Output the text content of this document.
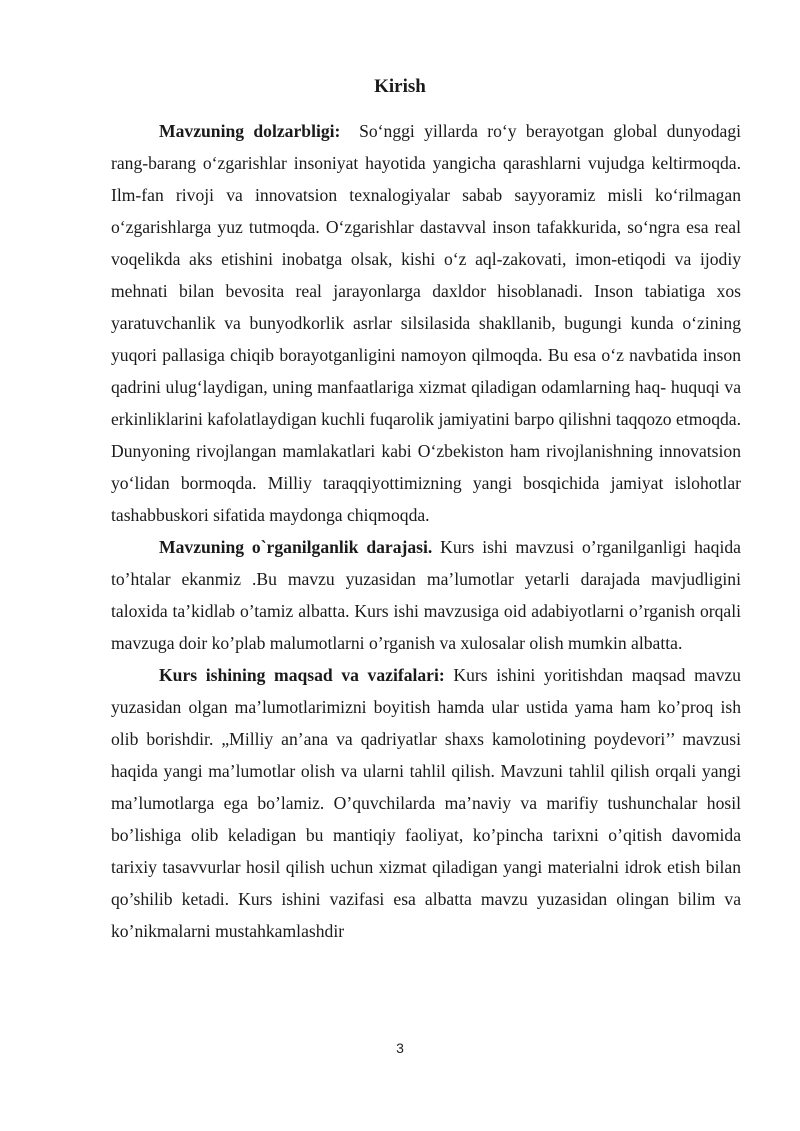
Kirish

Mavzuning dolzarbligi: So‘nggi yillarda ro‘y berayotgan global dunyodagi rang-barang o‘zgarishlar insoniyat hayotida yangicha qarashlarni vujudga keltirmoqda. Ilm-fan rivoji va innovatsion texnalogiyalar sabab sayyoramiz misli ko‘rilmagan o‘zgarishlarga yuz tutmoqda. O‘zgarishlar dastavval inson tafakkurida, so‘ngra esa real voqelikda aks etishini inobatga olsak, kishi o‘z aql-zakovati, imon-etiqodi va ijodiy mehnati bilan bevosita real jarayonlarga daxldor hisoblanadi. Inson tabiatiga xos yaratuvchanlik va bunyodkorlik asrlar silsilasida shakllanib, bugungi kunda o‘zining yuqori pallasiga chiqib borayotganligini namoyon qilmoqda. Bu esa o‘z navbatida inson qadrini ulug‘laydigan, uning manfaatlariga xizmat qiladigan odamlarning haq- huquqi va erkinliklarini kafolatlaydigan kuchli fuqarolik jamiyatini barpo qilishni taqqozo etmoqda. Dunyoning rivojlangan mamlakatlari kabi O‘zbekiston ham rivojlanishning innovatsion yo‘lidan bormoqda. Milliy taraqqiyottimizning yangi bosqichida jamiyat islohotlar tashabbuskori sifatida maydonga chiqmoqda.

Mavzuning o`rganilganlik darajasi. Kurs ishi mavzusi o’rganilganligi haqida to’htalar ekanmiz .Bu mavzu yuzasidan ma’lumotlar yetarli darajada mavjudligini taloxida ta’kidlab o’tamiz albatta. Kurs ishi mavzusiga oid adabiyotlarni o’rganish orqali mavzuga doir ko’plab malumotlarni o’rganish va xulosalar olish mumkin albatta.

Kurs ishining maqsad va vazifalari: Kurs ishini yoritishdan maqsad mavzu yuzasidan olgan ma’lumotlarimizni boyitish hamda ular ustida yama ham ko’proq ish olib borishdir. „Milliy an’ana va qadriyatlar shaxs kamolotining poydevori’’ mavzusi haqida yangi ma’lumotlar olish va ularni tahlil qilish. Mavzuni tahlil qilish orqali yangi ma’lumotlarga ega bo’lamiz. O’quvchilarda ma’naviy va marifiy tushunchalar hosil bo’lishiga olib keladigan bu mantiqiy faoliyat, ko’pincha tarixni o’qitish davomida tarixiy tasavvurlar hosil qilish uchun xizmat qiladigan yangi materialni idrok etish bilan qo’shilib ketadi. Kurs ishini vazifasi esa albatta mavzu yuzasidan olingan bilim va ko’nikmalarni mustahkamlashdir

3
